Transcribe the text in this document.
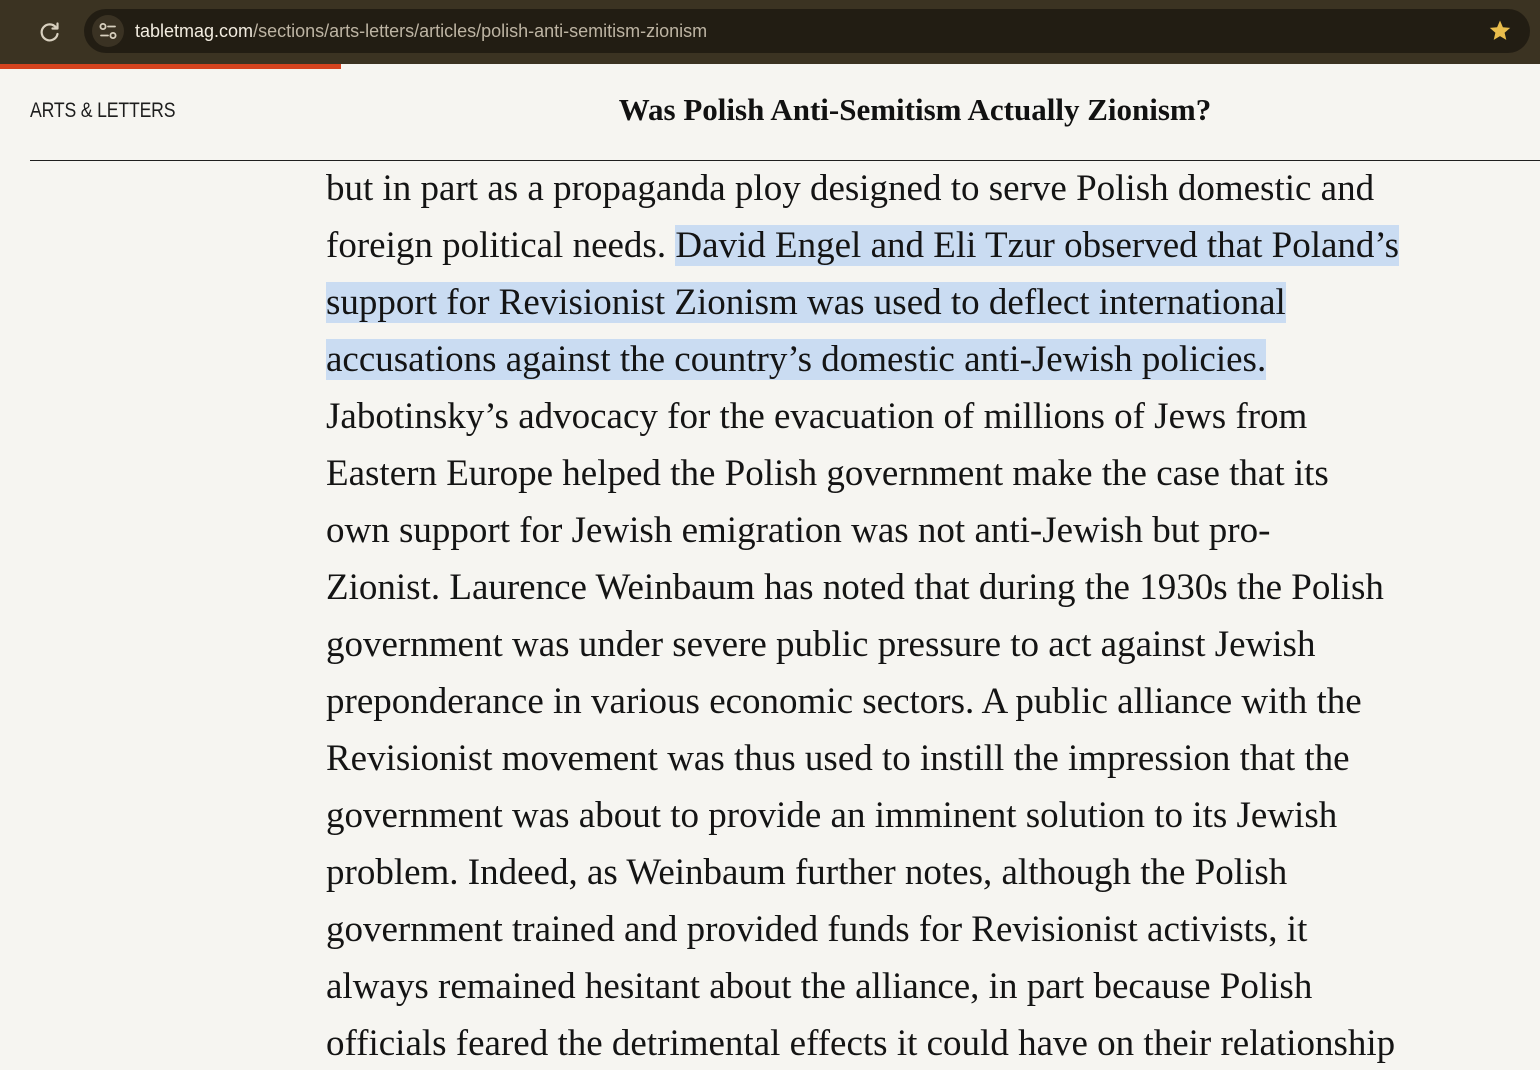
tabletmag.com/sections/arts-letters/articles/polish-anti-semitism-zionism
ARTS & LETTERS	Was Polish Anti-Semitism Actually Zionism?
but in part as a propaganda ploy designed to serve Polish domestic and
foreign political needs. David Engel and Eli Tzur observed that Poland’s
support for Revisionist Zionism was used to deflect international
accusations against the country’s domestic anti-Jewish policies.
Jabotinsky’s advocacy for the evacuation of millions of Jews from
Eastern Europe helped the Polish government make the case that its
own support for Jewish emigration was not anti-Jewish but pro-
Zionist. Laurence Weinbaum has noted that during the 1930s the Polish
government was under severe public pressure to act against Jewish
preponderance in various economic sectors. A public alliance with the
Revisionist movement was thus used to instill the impression that the
government was about to provide an imminent solution to its Jewish
problem. Indeed, as Weinbaum further notes, although the Polish
government trained and provided funds for Revisionist activists, it
always remained hesitant about the alliance, in part because Polish
officials feared the detrimental effects it could have on their relationship
